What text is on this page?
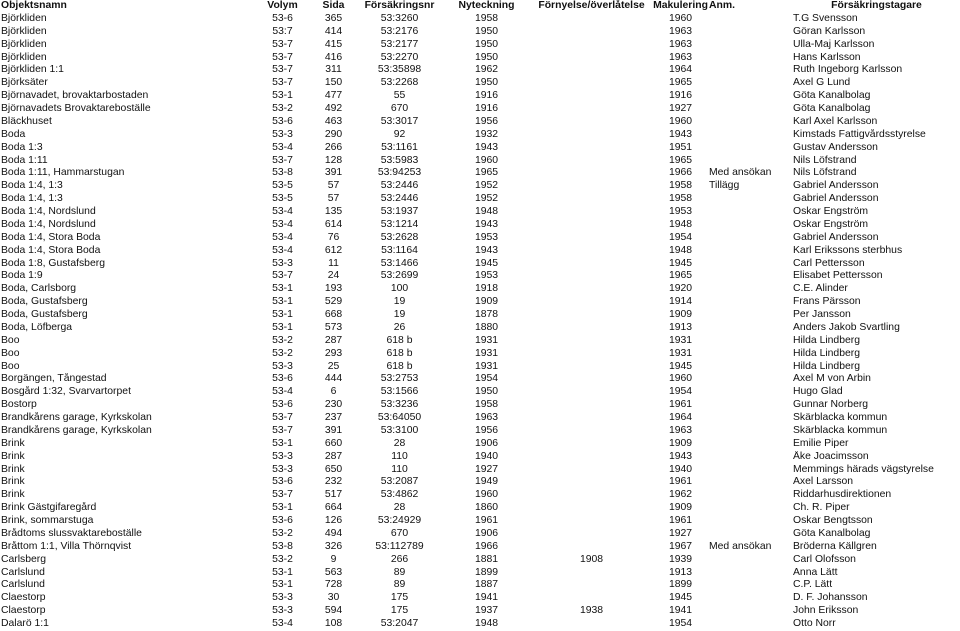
Objektsnamn	Volym	Sida	Försäkringsnr	Nyteckning	Förnyelse/överlåtelse	Makulering	Anm.	Försäkringstagare
Björkliden	53-6	365	53:3260	1958		1960		T.G Svensson
Björkliden	53:7	414	53:2176	1950		1963		Göran Karlsson
Björkliden	53-7	415	53:2177	1950		1963		Ulla-Maj Karlsson
Björkliden	53-7	416	53:2270	1950		1963		Hans Karlsson
Björkliden 1:1	53-7	311	53:35898	1962		1964		Ruth Ingeborg Karlsson
Björksäter	53-7	150	53:2268	1950		1965		Axel G Lund
Björnavadet, brovaktarbostaden	53-1	477	55	1916		1916		Göta Kanalbolag
Björnavadets Brovaktareboställe	53-2	492	670	1916		1927		Göta Kanalbolag
Bläckhuset	53-6	463	53:3017	1956		1960		Karl Axel Karlsson
Boda	53-3	290	92	1932		1943		Kimstads Fattigvårdsstyrelse
Boda 1:3	53-4	266	53:1161	1943		1951		Gustav Andersson
Boda 1:11	53-7	128	53:5983	1960		1965		Nils Löfstrand
Boda 1:11, Hammarstugan	53-8	391	53:94253	1965		1966	Med ansökan	Nils Löfstrand
Boda 1:4, 1:3	53-5	57	53:2446	1952		1958	Tillägg	Gabriel Andersson
Boda 1:4, 1:3	53-5	57	53:2446	1952		1958		Gabriel Andersson
Boda 1:4, Nordslund	53-4	135	53:1937	1948		1953		Oskar Engström
Boda 1:4, Nordslund	53-4	614	53:1214	1943		1948		Oskar Engström
Boda 1:4, Stora Boda	53-4	76	53:2628	1953		1954		Gabriel Andersson
Boda 1:4, Stora Boda	53-4	612	53:1164	1943		1948		Karl Erikssons sterbhus
Boda 1:8, Gustafsberg	53-3	11	53:1466	1945		1945		Carl Pettersson
Boda 1:9	53-7	24	53:2699	1953		1965		Elisabet Pettersson
Boda, Carlsborg	53-1	193	100	1918		1920		C.E. Alinder
Boda, Gustafsberg	53-1	529	19	1909		1914		Frans Pärsson
Boda, Gustafsberg	53-1	668	19	1878		1909		Per Jansson
Boda, Löfberga	53-1	573	26	1880		1913		Anders Jakob Svartling
Boo	53-2	287	618 b	1931		1931		Hilda Lindberg
Boo	53-2	293	618 b	1931		1931		Hilda Lindberg
Boo	53-3	25	618 b	1931		1945		Hilda Lindberg
Borgängen, Tångestad	53-6	444	53:2753	1954		1960		Axel M von Arbin
Bosgård 1:32, Svarvartorpet	53-4	6	53:1566	1950		1954		Hugo Glad
Bostorp	53-6	230	53:3236	1958		1961		Gunnar Norberg
Brandkårens garage, Kyrkskolan	53-7	237	53:64050	1963		1964		Skärblacka kommun
Brandkårens garage, Kyrkskolan	53-7	391	53:3100	1956		1963		Skärblacka kommun
Brink	53-1	660	28	1906		1909		Emilie Piper
Brink	53-3	287	110	1940		1943		Åke Joacimsson
Brink	53-3	650	110	1927		1940		Memmings härads vägstyrelse
Brink	53-6	232	53:2087	1949		1961		Axel Larsson
Brink	53-7	517	53:4862	1960		1962		Riddarhusdirektionen
Brink Gästgifaregård	53-1	664	28	1860		1909		Ch. R. Piper
Brink, sommarstuga	53-6	126	53:24929	1961		1961		Oskar Bengtsson
Brådtoms slussvaktareboställe	53-2	494	670	1906		1927		Göta Kanalbolag
Bråttom 1:1, Villa Thörnqvist	53-8	326	53:112789	1966		1967	Med ansökan	Bröderna Källgren
Carlsberg	53-2	9	266	1881	1908	1939		Carl Olofsson
Carlslund	53-1	563	89	1899		1913		Anna Lätt
Carlslund	53-1	728	89	1887		1899		C.P. Lätt
Claestorp	53-3	30	175	1941		1945		D. F. Johansson
Claestorp	53-3	594	175	1937	1938	1941		John Eriksson
Dalarö 1:1	53-4	108	53:2047	1948		1954		Otto Norr
